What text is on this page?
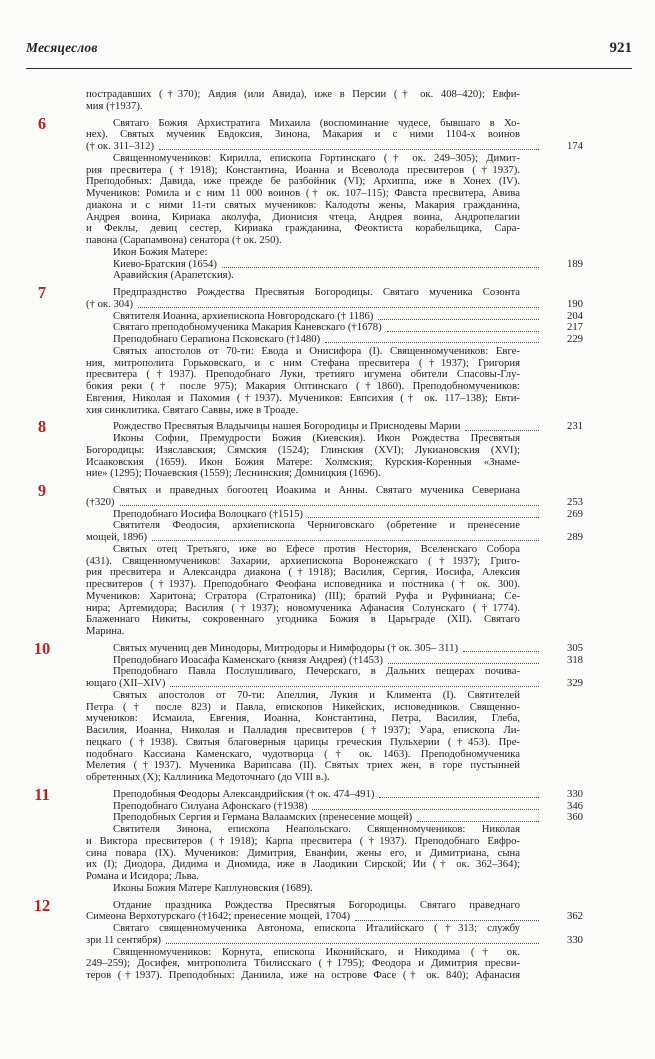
Месяцеслов	921
пострадавших (†370); Авдия (или Авида), иже в Персии († ок. 408–420); Евфи-
мия (†1937).
6	Святаго Божия Архистратига Михаила (воспоминание чудесе, бывшаго в Хо-
нех). Святых мученик Евдоксия, Зинона, Макария и с ними 1104-х воинов
(† ок. 311–312)	174
Священномучеников: Кирилла, епископа Гортинскаго († ок. 249–305); Димит-
рия пресвитера (†1918); Константина, Иоанна и Всеволода пресвитеров (†1937).
Преподобных: Давида, иже прежде бе разбойник (VI); Архиппа, иже в Хонех (IV).
Мучеников: Ромила и с ним 11 000 воинов († ок. 107–115); Фавста пресвитера, Авива
диакона и с ними 11-ти святых мучеников: Калодоты жены, Макария гражданина,
Андрея воина, Кириака аколуфа, Дионисия чтеца, Андрея воина, Андропелагии
и Феклы, девиц сестер, Кириака гражданина, Феоктиста корабельщика, Сара-
павона (Сарапамвона) сенатора († ок. 250).
Икон Божия Матере:
Киево-Братския (1654)	189
Аравийския (Арапетския).
7	Предпразднство Рождества Пресвятыя Богородицы. Святаго мученика Созонта
(† ок. 304)	190
Святителя Иоанна, архиепископа Новгородскаго († 1186)	204
Святаго преподобномученика Макария Каневскаго (†1678)	217
Преподобнаго Серапиона Псковскаго (†1480)	229
Святых апостолов от 70-ти: Евода и Онисифора (I). Священномучеников: Евге-
ния, митрополита Горьковскаго, и с ним Стефана пресвитера (†1937); Григория
пресвитера (†1937). Преподобнаго Луки, третияго игумена обители Спасовы-Глу-
бокия реки († после 975); Макария Оптинскаго (†1860). Преподобномучеников:
Евгения, Николая и Пахомия (†1937). Мучеников: Евпсихия († ок. 117–138); Евти-
хия синклитика. Святаго Саввы, иже в Троаде.
8	Рождество Пресвятыя Владычицы нашея Богородицы и Приснодевы Марии	231
Иконы Софии, Премудрости Божия (Киевския). Икон Рождества Пресвятыя
Богородицы: Изяславския; Сямския (1524); Глинския (XVI); Лукиановския (XVI);
Исааковския (1659). Икон Божия Матере: Холмския; Курския-Коренныя «Знаме-
ние» (1295); Почаевския (1559); Леснинския; Домницкия (1696).
9	Святых и праведных богоотец Иоакима и Анны. Святаго мученика Севериана
(†320)	253
Преподобнаго Иосифа Волоцкаго (†1515)	269
Святителя Феодосия, архиепископа Черниговскаго (обретение и пренесение
мощей, 1896)	289
Святых отец Третьяго, иже во Ефесе против Нестория, Вселенскаго Собора
(431). Священномучеников: Захарии, архиепископа Воронежскаго (†1937); Григо-
рия пресвитера и Александра диакона (†1918); Василия, Сергия, Иосифа, Алексия
пресвитеров (†1937). Преподобнаго Феофана исповедника и постника († ок. 300).
Мучеников: Харитона; Стратора (Стратоника) (III); братий Руфа и Руфиниана; Се-
нира; Артемидора; Василия (†1937); новомученика Афанасия Солунскаго (†1774).
Блаженнаго Никиты, сокровеннаго угодника Божия в Царьграде (XII). Святаго
Марина.
10	Святых мучениц дев Минодоры, Митродоры и Нимфодоры († ок. 305– 311)	305
Преподобнаго Иоасафа Каменскаго (князя Андрея) (†1453)	318
Преподобнаго Павла Послушливаго, Печерскаго, в Дальних пещерах почива-
ющаго (XII–XIV)	329
Святых апостолов от 70-ти: Апеллия, Лукия и Климента (I). Святителей
Петра († после 823) и Павла, епископов Никейских, исповедников. Священно-
мучеников: Исмаила, Евгения, Иоанна, Константина, Петра, Василия, Глеба,
Василия, Иоанна, Николая и Палладия пресвитеров (†1937); Уара, епископа Ли-
пецкаго (†1938). Святыя благоверныя царицы греческия Пульхерии (†453). Пре-
подобнаго Кассиана Каменскаго, чудотворца († ок. 1463). Преподобномученика
Мелетия (†1937). Мученика Варипсава (II). Святых триех жен, в горе пустынней
обретенных (X); Каллиника Медоточнаго (до VIII в.).
11	Преподобныя Феодоры Александрийския († ок. 474–491)	330
Преподобнаго Силуана Афонскаго (†1938)	346
Преподобных Сергия и Германа Валаамских (пренесение мощей)	360
Святителя Зинона, епископа Неапольскаго. Священномучеников: Николая
и Виктора пресвитеров (†1918); Карпа пресвитера (†1937). Преподобнаго Евфро-
сина повара (IX). Мучеников: Димитрия, Еванфии, жены его, и Димитриана, сына
их (I); Диодора, Дидима и Диомида, иже в Лаодикии Сирской; Ии († ок. 362–364);
Романа и Исидора; Льва.
Иконы Божия Матере Каплуновския (1689).
12	Отдание праздника Рождества Пресвятыя Богородицы. Святаго праведнаго
Симеона Верхотурскаго (†1642; пренесение мощей, 1704)	362
Святаго священномученика Автонома, епископа Италийскаго (†313; службу
зри 11 сентября)	330
Священномучеников: Корнута, епископа Иконийскаго, и Никодима († ок.
249–259); Досифея, митрополита Тбилисскаго (†1795); Феодора и Димитрия пресви-
теров (†1937). Преподобных: Даниила, иже на острове Фасе († ок. 840); Афанасия
